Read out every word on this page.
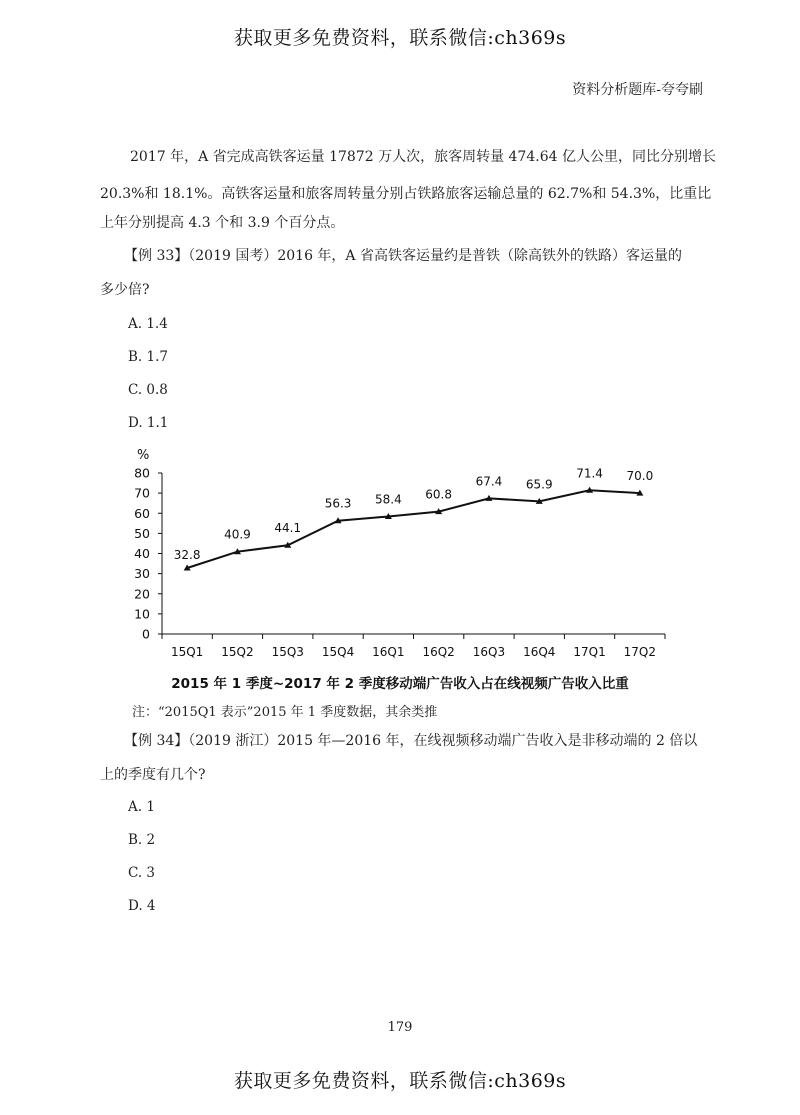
获取更多免费资料，联系微信:ch369s
资料分析题库-夸夸刷
2017 年，A 省完成高铁客运量 17872 万人次，旅客周转量 474.64 亿人公里，同比分别增长
20.3%和 18.1%。高铁客运量和旅客周转量分别占铁路旅客运输总量的 62.7%和 54.3%，比重比
上年分别提高 4.3 个和 3.9 个百分点。
【例 33】（2019 国考）2016 年，A 省高铁客运量约是普铁（除高铁外的铁路）客运量的
多少倍?
A. 1.4
B. 1.7
C. 0.8
D. 1.1
%
0
10
20
30
40
50
60
70
80
15Q1 15Q2 15Q3 15Q4 16Q1 16Q2 16Q3 16Q4 17Q1 17Q2
32.8
40.9 44.1
56.3 58.4 60.8
67.4 65.9
71.4 70.0
2015 年 1 季度~2017 年 2 季度移动端广告收入占在线视频广告收入比重
注：“2015Q1 表示”2015 年 1 季度数据，其余类推
【例 34】（2019 浙江）2015 年—2016 年，在线视频移动端广告收入是非移动端的 2 倍以
上的季度有几个?
A. 1
B. 2
C. 3
D. 4
179
获取更多免费资料，联系微信:ch369s
